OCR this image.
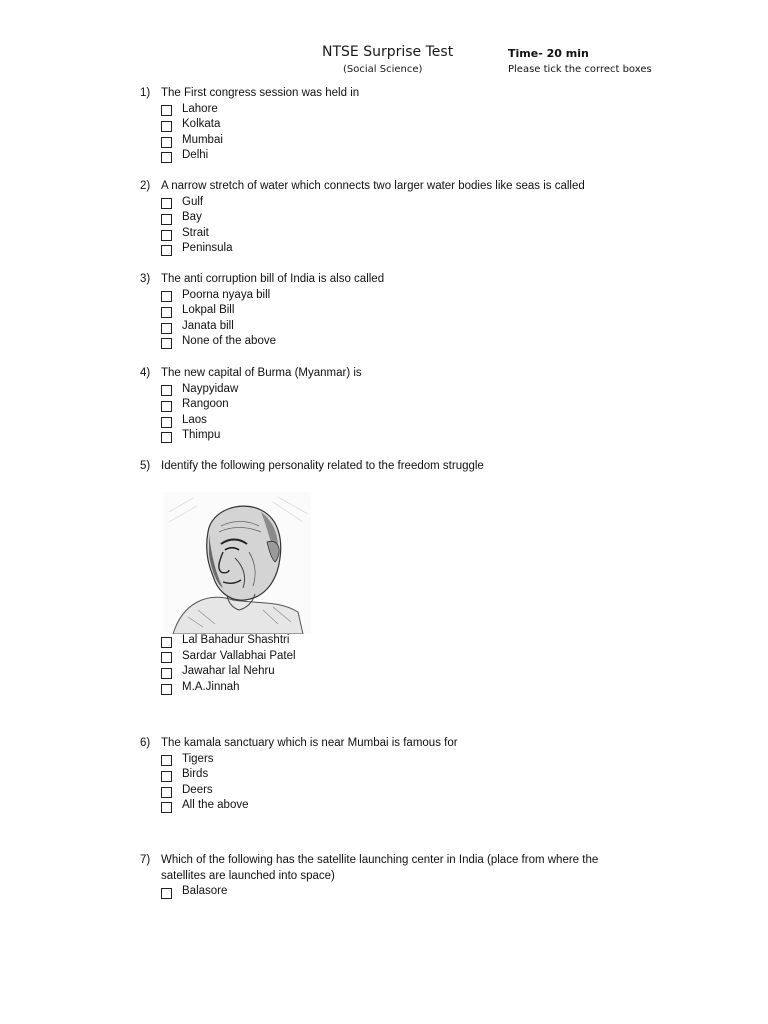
NTSE Surprise Test
(Social Science)
Time- 20 min
Please tick the correct boxes
1) The First congress session was held in
Lahore
Kolkata
Mumbai
Delhi
2) A narrow stretch of water which connects two larger water bodies like seas is called
Gulf
Bay
Strait
Peninsula
3) The anti corruption bill of India is also called
Poorna nyaya bill
Lokpal Bill
Janata bill
None of the above
4) The new capital of Burma (Myanmar) is
Naypyidaw
Rangoon
Laos
Thimpu
5) Identify the following personality related to the freedom struggle
Lal Bahadur Shashtri
Sardar Vallabhai Patel
Jawahar lal Nehru
M.A.Jinnah
6) The kamala sanctuary which is near Mumbai is famous for
Tigers
Birds
Deers
All the above
7) Which of the following has the satellite launching center in India (place from where the satellites are launched into space)
Balasore
